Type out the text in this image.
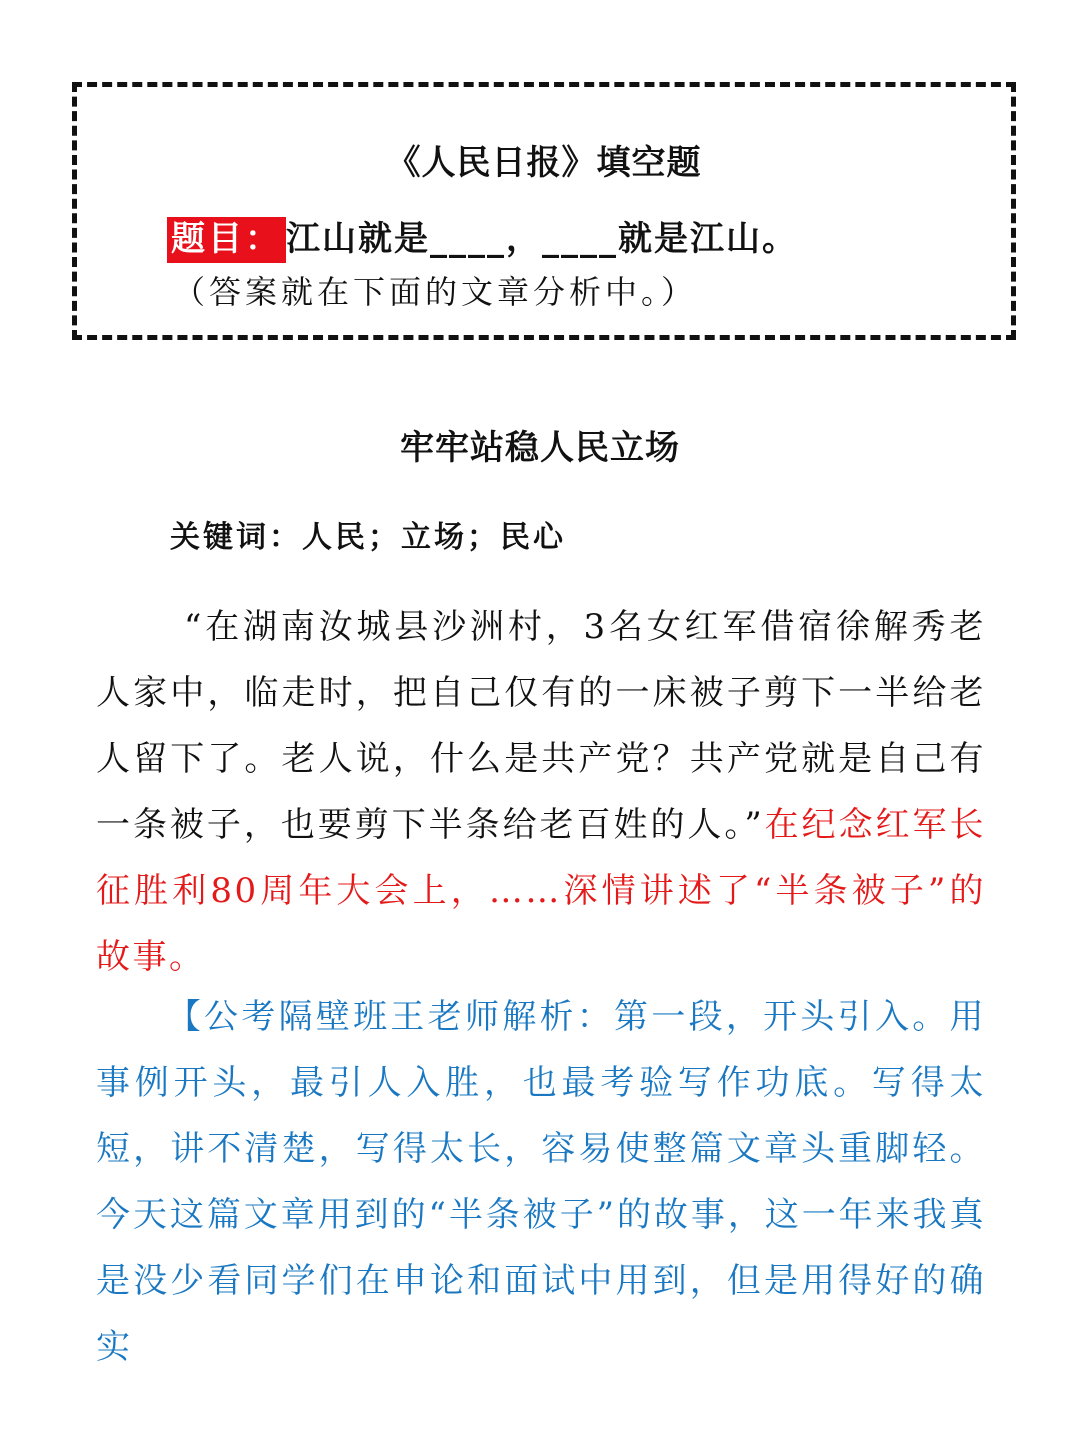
《人民日报》填空题
题目： 江山就是____，____就是江山。
（答案就在下面的文章分析中。）
牢牢站稳人民立场
关键词：人民；立场；民心

“在湖南汝城县沙洲村，3名女红军借宿徐解秀老人家中，临走时，把自己仅有的一床被子剪下一半给老人留下了。老人说，什么是共产党？共产党就是自己有一条被子，也要剪下半条给老百姓的人。”在纪念红军长征胜利80周年大会上，……深情讲述了“半条被子”的故事。

【公考隔壁班王老师解析：第一段，开头引入。用事例开头，最引人入胜，也最考验写作功底。写得太短，讲不清楚，写得太长，容易使整篇文章头重脚轻。今天这篇文章用到的“半条被子”的故事，这一年来我真是没少看同学们在申论和面试中用到，但是用得好的确实
